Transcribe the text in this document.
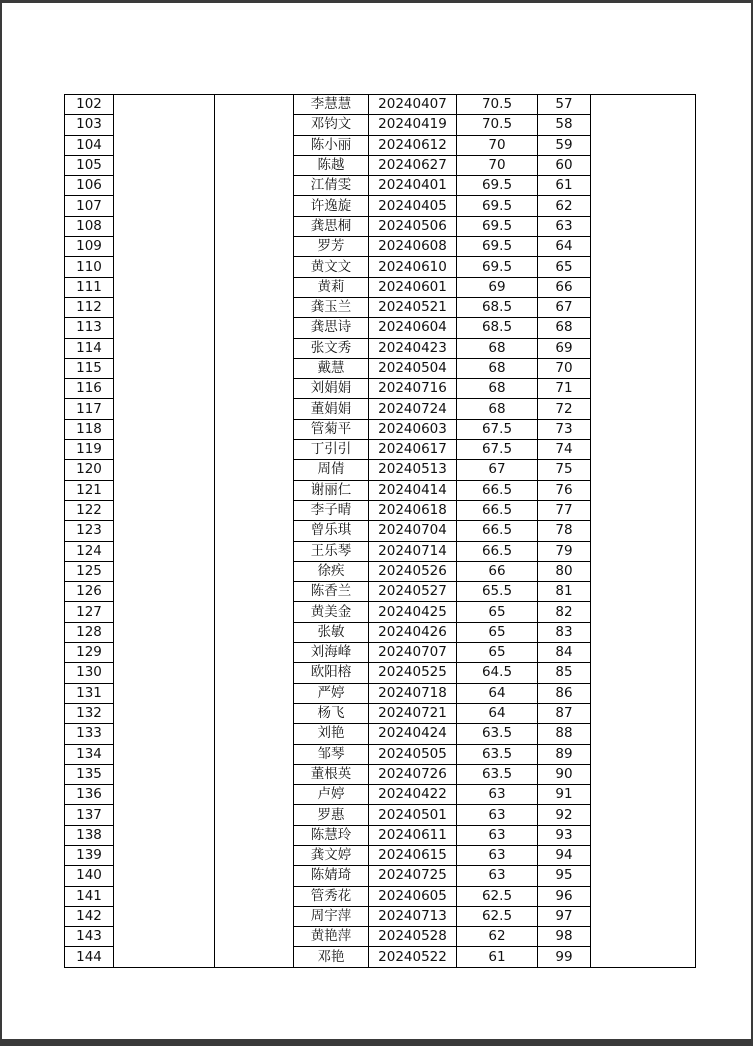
102			李慧慧	20240407	70.5	57	
103			邓钧文	20240419	70.5	58	
104			陈小丽	20240612	70	59	
105			陈越	20240627	70	60	
106			江倩雯	20240401	69.5	61	
107			许逸旋	20240405	69.5	62	
108			龚思桐	20240506	69.5	63	
109			罗芳	20240608	69.5	64	
110			黄文文	20240610	69.5	65	
111			黄莉	20240601	69	66	
112			龚玉兰	20240521	68.5	67	
113			龚思诗	20240604	68.5	68	
114			张文秀	20240423	68	69	
115			戴慧	20240504	68	70	
116			刘娟娟	20240716	68	71	
117			董娟娟	20240724	68	72	
118			管菊平	20240603	67.5	73	
119			丁引引	20240617	67.5	74	
120			周倩	20240513	67	75	
121			谢丽仁	20240414	66.5	76	
122			李子晴	20240618	66.5	77	
123			曾乐琪	20240704	66.5	78	
124			王乐琴	20240714	66.5	79	
125			徐疾	20240526	66	80	
126			陈香兰	20240527	65.5	81	
127			黄美金	20240425	65	82	
128			张敏	20240426	65	83	
129			刘海峰	20240707	65	84	
130			欧阳榕	20240525	64.5	85	
131			严婷	20240718	64	86	
132			杨飞	20240721	64	87	
133			刘艳	20240424	63.5	88	
134			邹琴	20240505	63.5	89	
135			董根英	20240726	63.5	90	
136			卢婷	20240422	63	91	
137			罗惠	20240501	63	92	
138			陈慧玲	20240611	63	93	
139			龚文婷	20240615	63	94	
140			陈婧琦	20240725	63	95	
141			管秀花	20240605	62.5	96	
142			周宇萍	20240713	62.5	97	
143			黄艳萍	20240528	62	98	
144			邓艳	20240522	61	99	
